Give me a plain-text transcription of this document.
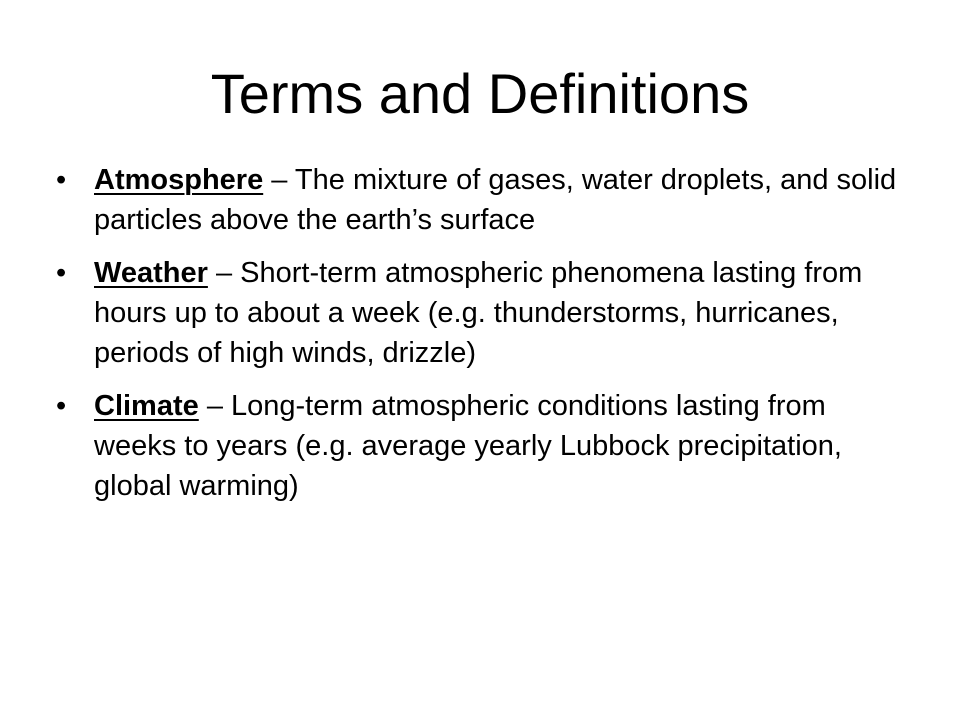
Terms and Definitions
• Atmosphere – The mixture of gases, water droplets, and solid particles above the earth’s surface
• Weather – Short-term atmospheric phenomena lasting from hours up to about a week (e.g. thunderstorms, hurricanes, periods of high winds, drizzle)
• Climate – Long-term atmospheric conditions lasting from weeks to years (e.g. average yearly Lubbock precipitation, global warming)
